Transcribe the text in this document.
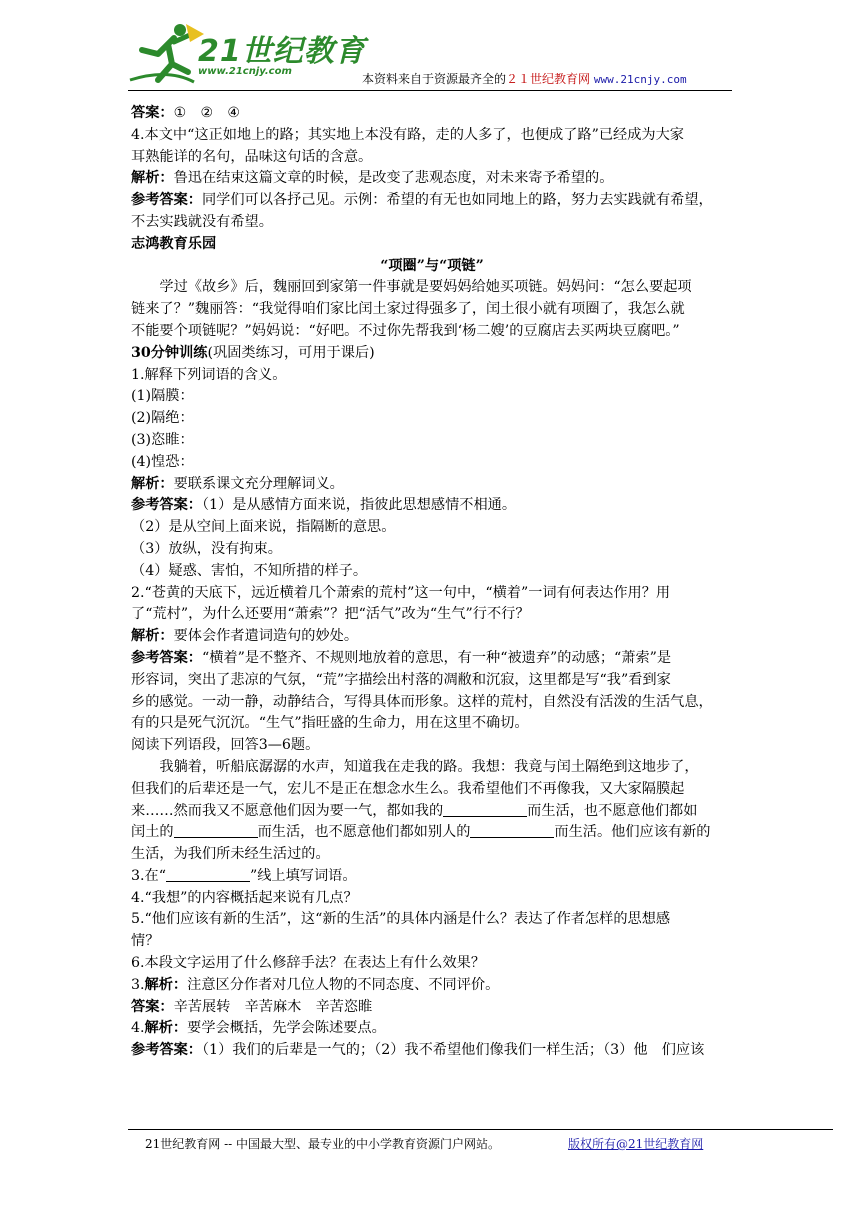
21世纪教育
www.21cnjy.com
本资料来自于资源最齐全的２１世纪教育网 www.21cnjy.com

答案：①　②　④

4.本文中“这正如地上的路；其实地上本没有路，走的人多了，也便成了路”已经成为大家

耳熟能详的名句，品味这句话的含意。

解析：鲁迅在结束这篇文章的时候，是改变了悲观态度，对未来寄予希望的。

参考答案：同学们可以各抒己见。示例：希望的有无也如同地上的路，努力去实践就有希望，

不去实践就没有希望。

志鸿教育乐园

“项圈”与“项链”

学过《故乡》后，魏丽回到家第一件事就是要妈妈给她买项链。妈妈问：“怎么要起项

链来了？”魏丽答：“我觉得咱们家比闰土家过得强多了，闰土很小就有项圈了，我怎么就

不能要个项链呢？”妈妈说：“好吧。不过你先帮我到‘杨二嫂’的豆腐店去买两块豆腐吧。”

30分钟训练(巩固类练习，可用于课后)

1.解释下列词语的含义。

(1)隔膜：

(2)隔绝：

(3)恣睢：

(4)惶恐：

解析：要联系课文充分理解词义。

参考答案：（1）是从感情方面来说，指彼此思想感情不相通。

（2）是从空间上面来说，指隔断的意思。

（3）放纵，没有拘束。

（4）疑惑、害怕，不知所措的样子。

2.“苍黄的天底下，远近横着几个萧索的荒村”这一句中，“横着”一词有何表达作用？用

了“荒村”，为什么还要用“萧索”？把“活气”改为“生气”行不行？

解析：要体会作者遣词造句的妙处。

参考答案：“横着”是不整齐、不规则地放着的意思，有一种“被遗弃”的动感；“萧索”是

形容词，突出了悲凉的气氛，“荒”字描绘出村落的凋敝和沉寂，这里都是写“我”看到家

乡的感觉。一动一静，动静结合，写得具体而形象。这样的荒村，自然没有活泼的生活气息，

有的只是死气沉沉。“生气”指旺盛的生命力，用在这里不确切。

阅读下列语段，回答3—6题。

我躺着，听船底潺潺的水声，知道我在走我的路。我想：我竟与闰土隔绝到这地步了，

但我们的后辈还是一气，宏儿不是正在想念水生么。我希望他们不再像我，又大家隔膜起

来……然而我又不愿意他们因为要一气，都如我的	而生活，也不愿意他们都如

闰土的	而生活，也不愿意他们都如别人的	而生活。他们应该有新的

生活，为我们所未经生活过的。

3.在“	”线上填写词语。

4.“我想”的内容概括起来说有几点？

5.“他们应该有新的生活”，这“新的生活”的具体内涵是什么？表达了作者怎样的思想感

情？

6.本段文字运用了什么修辞手法？在表达上有什么效果？

3.解析：注意区分作者对几位人物的不同态度、不同评价。

答案：辛苦展转　辛苦麻木　辛苦恣睢

4.解析：要学会概括，先学会陈述要点。

参考答案：（1）我们的后辈是一气的；（2）我不希望他们像我们一样生活；（3）他　们应该

21世纪教育网 -- 中国最大型、最专业的中小学教育资源门户网站。	版权所有@21世纪教育网
